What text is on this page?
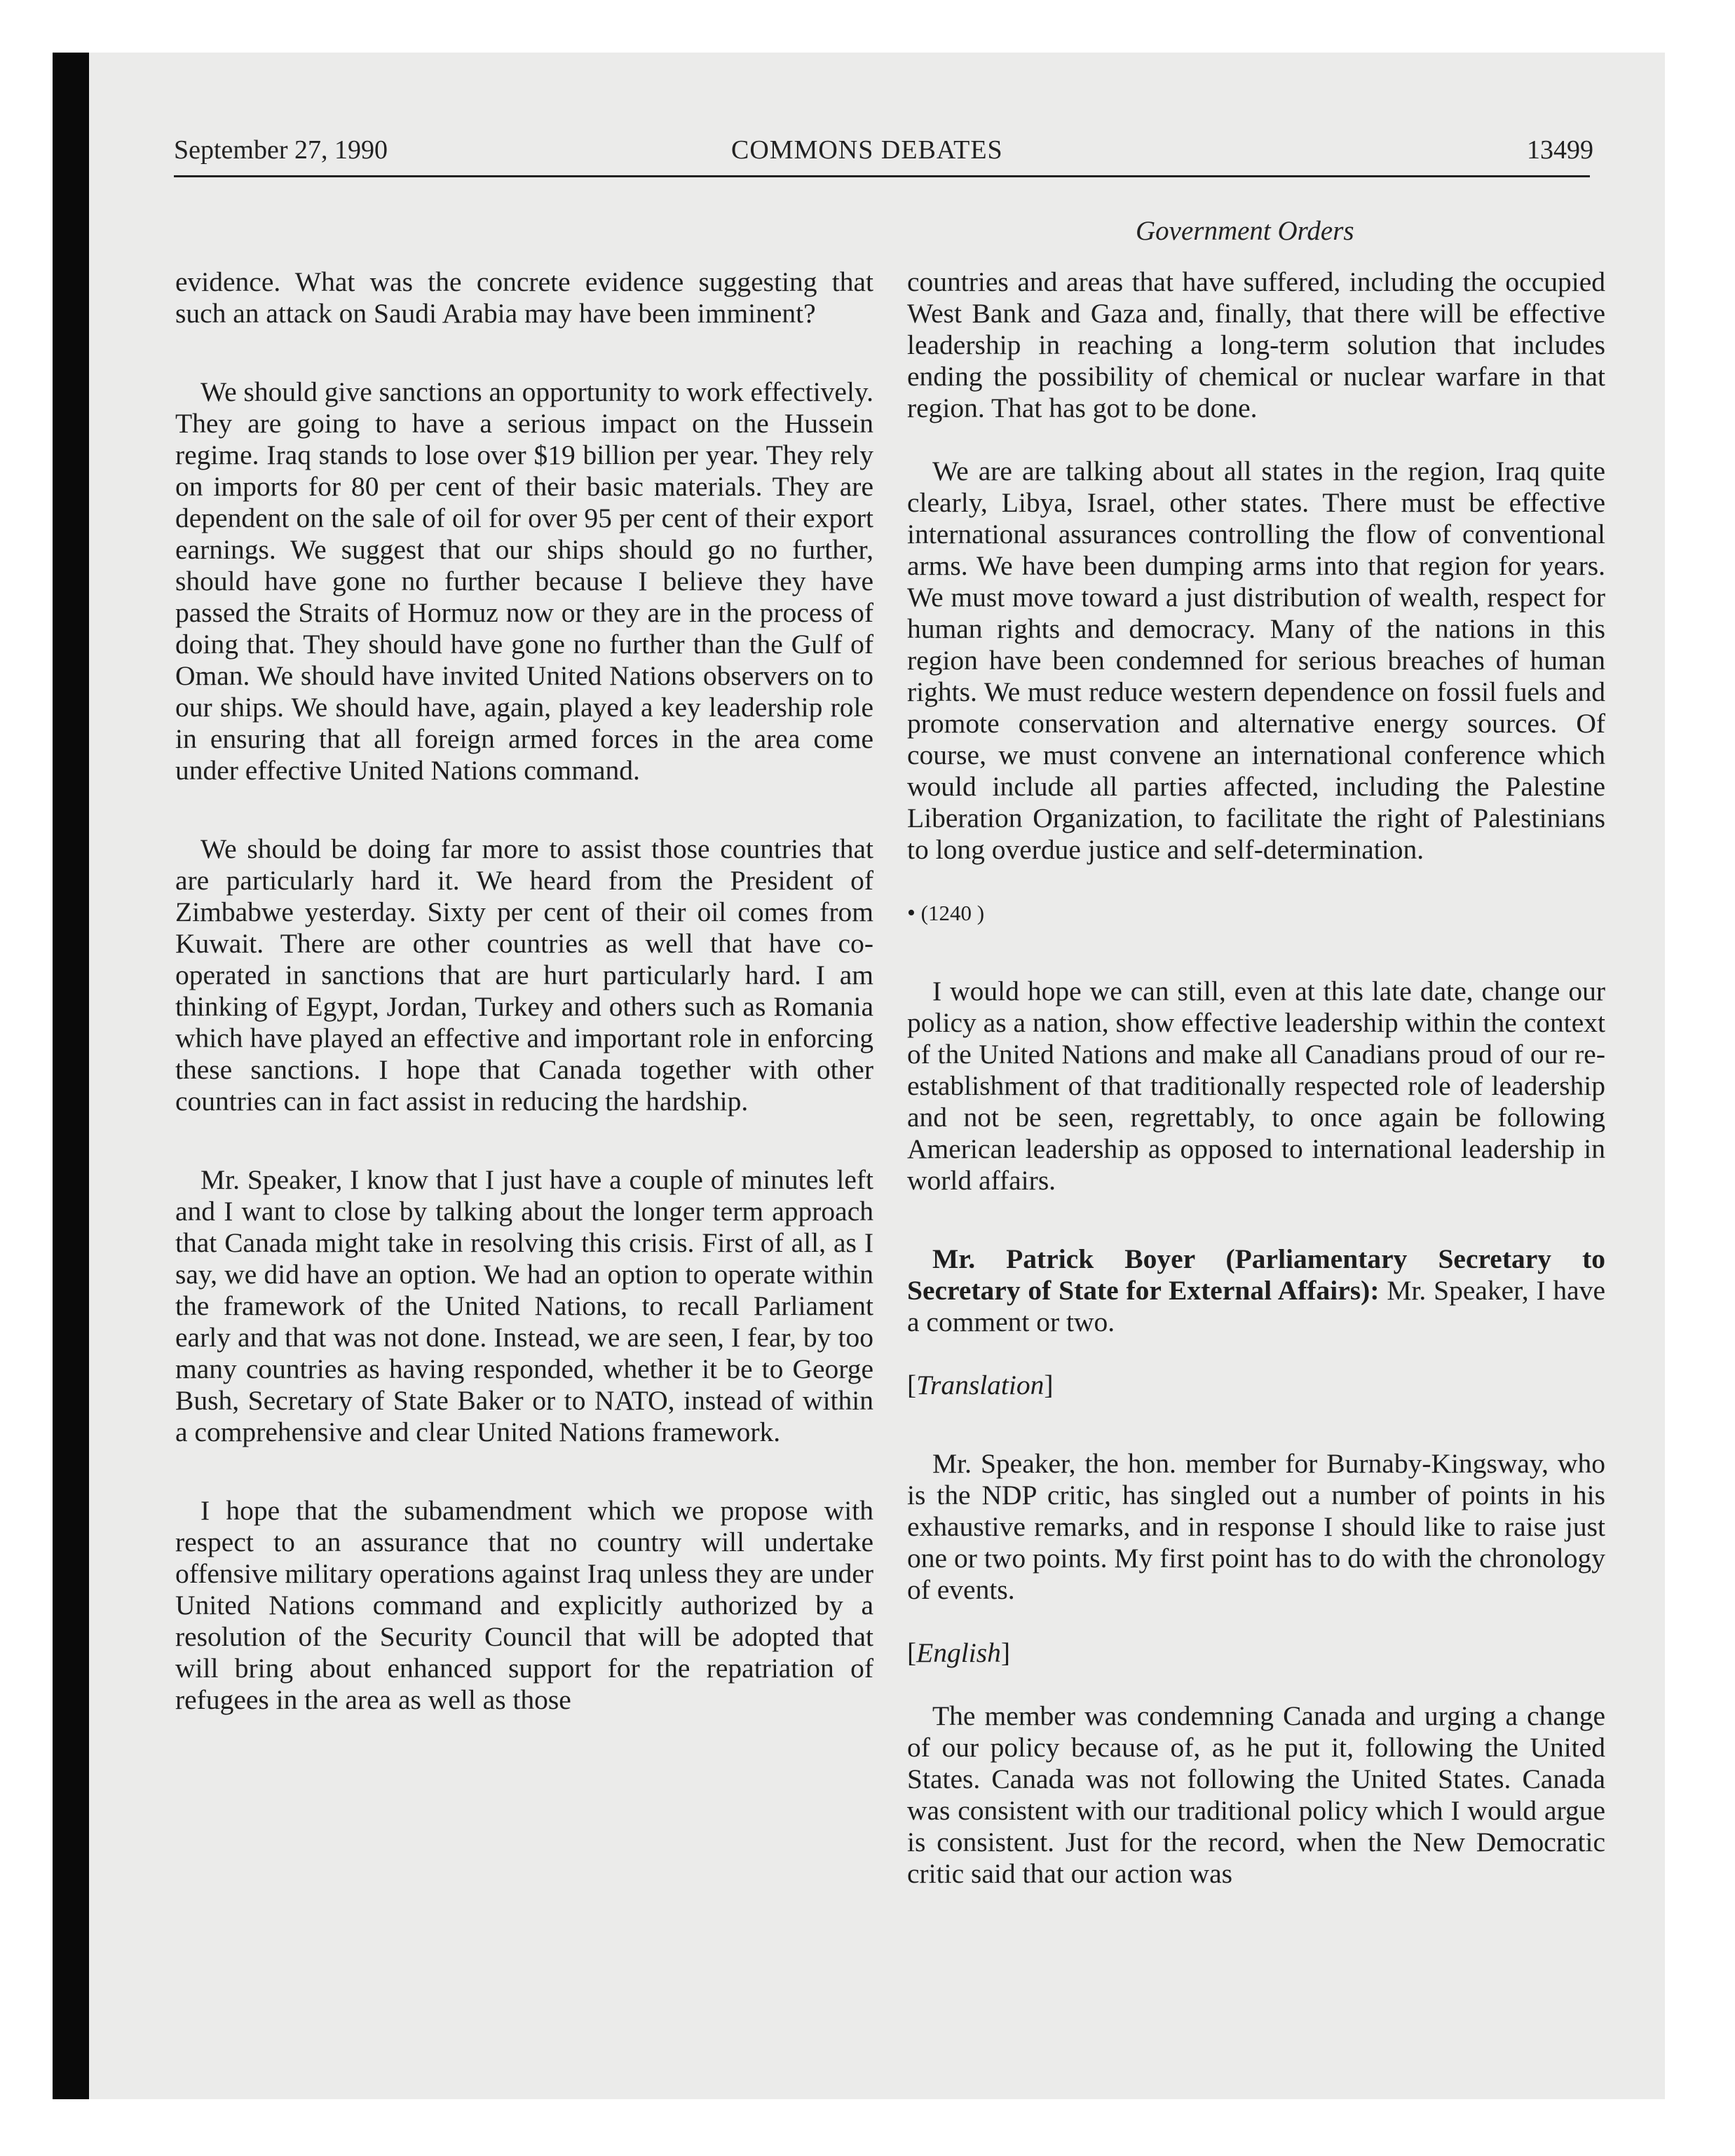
September 27, 1990	COMMONS DEBATES	13499
Government Orders

evidence. What was the concrete evidence suggesting that such an attack on Saudi Arabia may have been imminent?

We should give sanctions an opportunity to work effectively. They are going to have a serious impact on the Hussein regime. Iraq stands to lose over $19 billion per year. They rely on imports for 80 per cent of their basic materials. They are dependent on the sale of oil for over 95 per cent of their export earnings. We suggest that our ships should go no further, should have gone no further because I believe they have passed the Straits of Hormuz now or they are in the process of doing that. They should have gone no further than the Gulf of Oman. We should have invited United Nations observers on to our ships. We should have, again, played a key leadership role in ensuring that all foreign armed forces in the area come under effective United Nations command.

We should be doing far more to assist those countries that are particularly hard it. We heard from the President of Zimbabwe yesterday. Sixty per cent of their oil comes from Kuwait. There are other countries as well that have co-operated in sanctions that are hurt particularly hard. I am thinking of Egypt, Jordan, Turkey and others such as Romania which have played an effective and important role in enforcing these sanctions. I hope that Canada together with other countries can in fact assist in reducing the hardship.

Mr. Speaker, I know that I just have a couple of minutes left and I want to close by talking about the longer term approach that Canada might take in resolving this crisis. First of all, as I say, we did have an option. We had an option to operate within the framework of the United Nations, to recall Parliament early and that was not done. Instead, we are seen, I fear, by too many countries as having responded, whether it be to George Bush, Secretary of State Baker or to NATO, instead of within a comprehensive and clear United Nations framework.

I hope that the subamendment which we propose with respect to an assurance that no country will undertake offensive military operations against Iraq unless they are under United Nations command and explicitly authorized by a resolution of the Security Council that will be adopted that will bring about enhanced support for the repatriation of refugees in the area as well as those

countries and areas that have suffered, including the occupied West Bank and Gaza and, finally, that there will be effective leadership in reaching a long-term solution that includes ending the possibility of chemical or nuclear warfare in that region. That has got to be done.

We are are talking about all states in the region, Iraq quite clearly, Libya, Israel, other states. There must be effective international assurances controlling the flow of conventional arms. We have been dumping arms into that region for years. We must move toward a just distribution of wealth, respect for human rights and democracy. Many of the nations in this region have been condemned for serious breaches of human rights. We must reduce western dependence on fossil fuels and promote conservation and alternative energy sources. Of course, we must convene an international conference which would include all parties affected, including the Palestine Liberation Organization, to facilitate the right of Palestinians to long overdue justice and self-determination.

• (1240 )

I would hope we can still, even at this late date, change our policy as a nation, show effective leadership within the context of the United Nations and make all Canadians proud of our re-establishment of that traditionally respected role of leadership and not be seen, regrettably, to once again be following American leadership as opposed to international leadership in world affairs.

Mr. Patrick Boyer (Parliamentary Secretary to Secretary of State for External Affairs): Mr. Speaker, I have a comment or two.

[Translation]

Mr. Speaker, the hon. member for Burnaby-Kingsway, who is the NDP critic, has singled out a number of points in his exhaustive remarks, and in response I should like to raise just one or two points. My first point has to do with the chronology of events.

[English]

The member was condemning Canada and urging a change of our policy because of, as he put it, following the United States. Canada was not following the United States. Canada was consistent with our traditional policy which I would argue is consistent. Just for the record, when the New Democratic critic said that our action was
